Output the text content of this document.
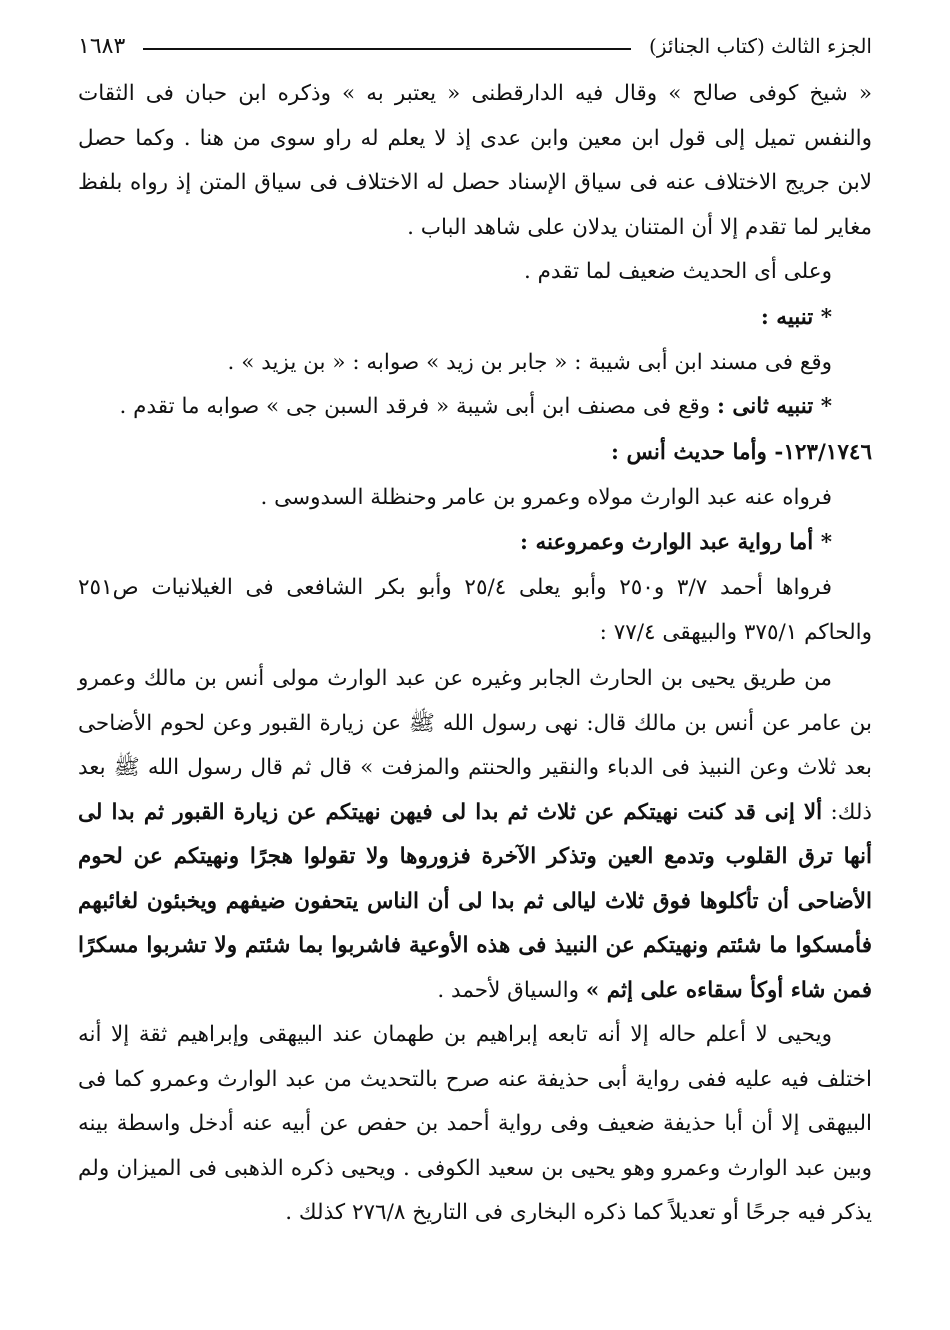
الجزء الثالث (كتاب الجنائز)
١٦٨٣

« شيخ كوفى صالح » وقال فيه الدارقطنى « يعتبر به » وذكره ابن حبان فى الثقات والنفس تميل إلى قول ابن معين وابن عدى إذ لا يعلم له راو سوى من هنا . وكما حصل لابن جريج الاختلاف عنه فى سياق الإسناد حصل له الاختلاف فى سياق المتن إذ رواه بلفظ مغاير لما تقدم إلا أن المتنان يدلان على شاهد الباب .

وعلى أى الحديث ضعيف لما تقدم .

* تنبيه :

وقع فى مسند ابن أبى شيبة : « جابر بن زيد » صوابه : « بن يزيد » .

* تنبيه ثانى : وقع فى مصنف ابن أبى شيبة « فرقد السبن جى » صوابه ما تقدم .

١٢٣/١٧٤٦- وأما حديث أنس :

فرواه عنه عبد الوارث مولاه وعمرو بن عامر وحنظلة السدوسى .

* أما رواية عبد الوارث وعمروعنه :

فرواها أحمد ٣/٧ و٢٥٠ وأبو يعلى ٢٥/٤ وأبو بكر الشافعى فى الغيلانيات ص٢٥١ والحاكم ٣٧٥/١ والبيهقى ٧٧/٤ :

من طريق يحيى بن الحارث الجابر وغيره عن عبد الوارث مولى أنس بن مالك وعمرو بن عامر عن أنس بن مالك قال: نهى رسول الله ﷺ عن زيارة القبور وعن لحوم الأضاحى بعد ثلاث وعن النبيذ فى الدباء والنقير والحنتم والمزفت » قال ثم قال رسول الله ﷺ بعد ذلك: ألا إنى قد كنت نهيتكم عن ثلاث ثم بدا لى فيهن نهيتكم عن زيارة القبور ثم بدا لى أنها ترق القلوب وتدمع العين وتذكر الآخرة فزوروها ولا تقولوا هجرًا ونهيتكم عن لحوم الأضاحى أن تأكلوها فوق ثلاث ليالى ثم بدا لى أن الناس يتحفون ضيفهم ويخبئون لغائبهم فأمسكوا ما شئتم ونهيتكم عن النبيذ فى هذه الأوعية فاشربوا بما شئتم ولا تشربوا مسكرًا فمن شاء أوكأ سقاءه على إثم » والسياق لأحمد .

ويحيى لا أعلم حاله إلا أنه تابعه إبراهيم بن طهمان عند البيهقى وإبراهيم ثقة إلا أنه اختلف فيه عليه ففى رواية أبى حذيفة عنه صرح بالتحديث من عبد الوارث وعمرو كما فى البيهقى إلا أن أبا حذيفة ضعيف وفى رواية أحمد بن حفص عن أبيه عنه أدخل واسطة بينه وبين عبد الوارث وعمرو وهو يحيى بن سعيد الكوفى . ويحيى ذكره الذهبى فى الميزان ولم يذكر فيه جرحًا أو تعديلاً كما ذكره البخارى فى التاريخ ٢٧٦/٨ كذلك .
